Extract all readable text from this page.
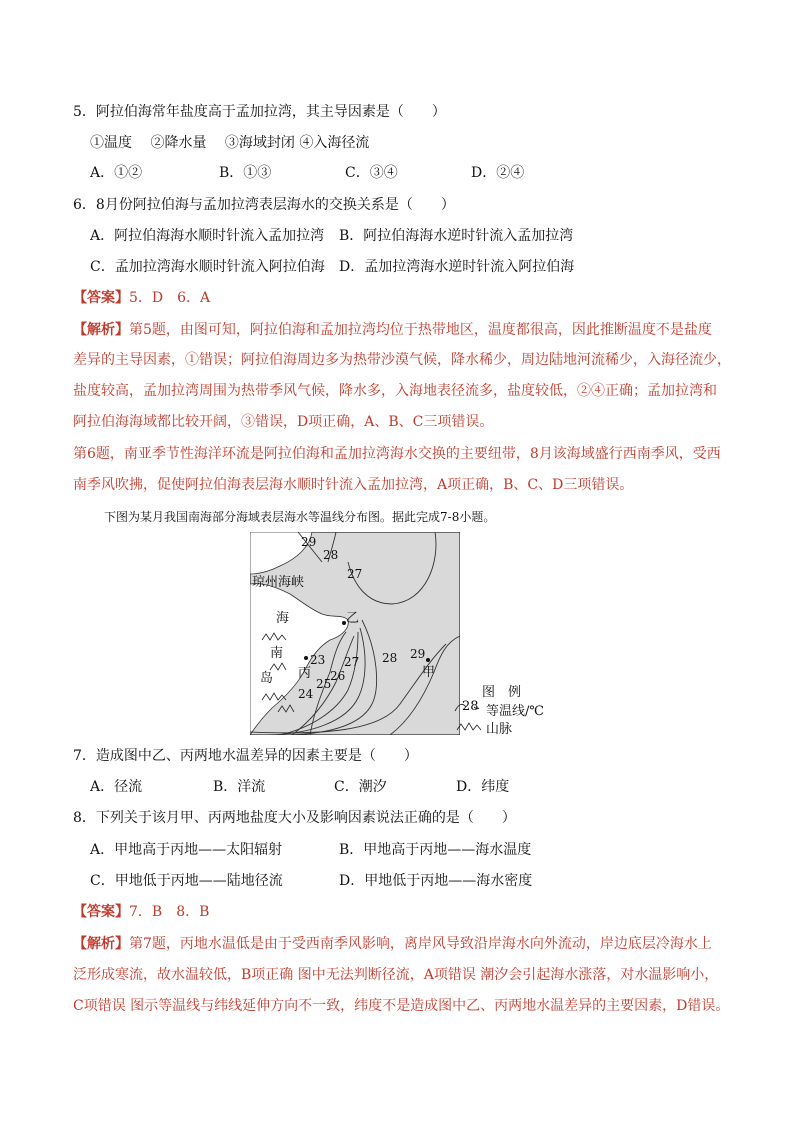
5．阿拉伯海常年盐度高于孟加拉湾，其主导因素是（　　）
①温度　 ②降水量　 ③海域封闭 ④入海径流
A．①②	B．①③	C．③④	D．②④
6．8月份阿拉伯海与孟加拉湾表层海水的交换关系是（　　）
A．阿拉伯海海水顺时针流入孟加拉湾 B．阿拉伯海海水逆时针流入孟加拉湾
C．孟加拉湾海水顺时针流入阿拉伯海 D．孟加拉湾海水逆时针流入阿拉伯海
【答案】5．D　6．A
【解析】第5题，由图可知，阿拉伯海和孟加拉湾均位于热带地区，温度都很高，因此推断温度不是盐度
差异的主导因素，①错误；阿拉伯海周边多为热带沙漠气候，降水稀少，周边陆地河流稀少，入海径流少，
盐度较高，孟加拉湾周围为热带季风气候，降水多，入海地表径流多，盐度较低，②④正确；孟加拉湾和
阿拉伯海海域都比较开阔，③错误，D项正确，A、B、C三项错误。
第6题，南亚季节性海洋环流是阿拉伯海和孟加拉湾海水交换的主要纽带，8月该海域盛行西南季风，受西
南季风吹拂，促使阿拉伯海表层海水顺时针流入孟加拉湾，A项正确，B、C、D三项错误。
下图为某月我国南海部分海域表层海水等温线分布图。据此完成7-8小题。
29
28
27
琼州海峡
海	乙
南 23 27 28 29
岛 丙 26
25
24
甲
图　例
28 等温线/℃
山脉
7．造成图中乙、丙两地水温差异的因素主要是（　　）
A．径流	B．洋流	C．潮汐	D．纬度
8．下列关于该月甲、丙两地盐度大小及影响因素说法正确的是（　　）
A．甲地高于丙地——太阳辐射	B．甲地高于丙地——海水温度
C．甲地低于丙地——陆地径流	D．甲地低于丙地——海水密度
【答案】7．B　8．B
【解析】第7题，丙地水温低是由于受西南季风影响，离岸风导致沿岸海水向外流动，岸边底层冷海水上
泛形成寒流，故水温较低，B项正确 图中无法判断径流，A项错误 潮汐会引起海水涨落，对水温影响小，
C项错误 图示等温线与纬线延伸方向不一致，纬度不是造成图中乙、丙两地水温差异的主要因素，D错误。
